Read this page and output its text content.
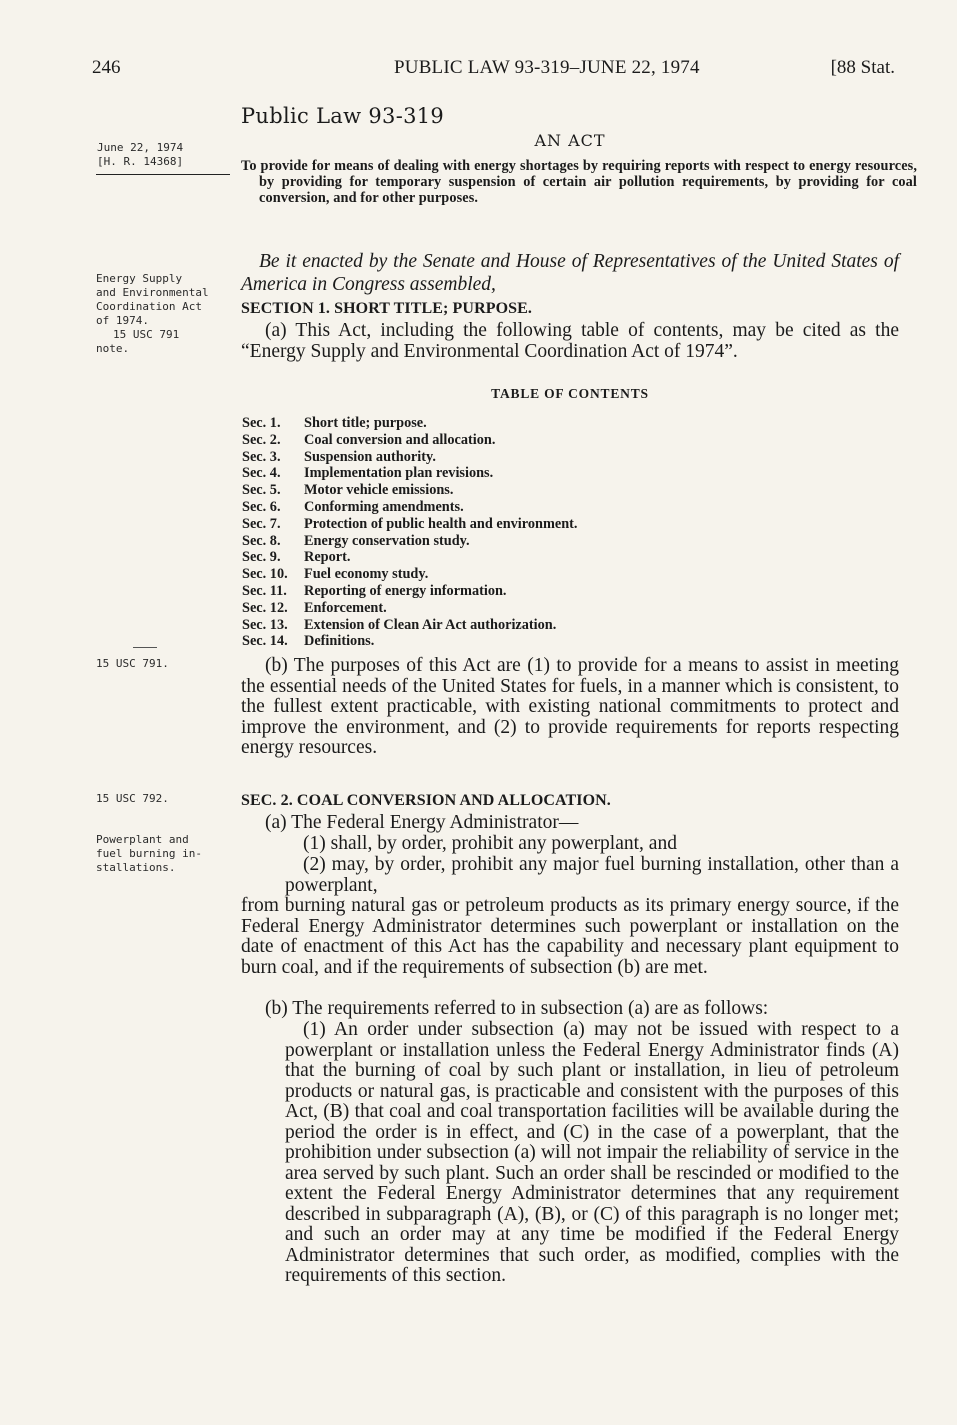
246	PUBLIC LAW 93-319–JUNE 22, 1974	[88 Stat.
June 22, 1974
[H. R. 14368]
Energy Supply
and Environmental
Coordination Act
of 1974.
15 USC 791
note.
15 USC 791.
15 USC 792.
Powerplant and
fuel burning in-
stallations.
Public Law 93-319
AN ACT
To provide for means of dealing with energy shortages by requiring reports with respect to energy resources, by providing for temporary suspension of certain air pollution requirements, by providing for coal conversion, and for other purposes.
Be it enacted by the Senate and House of Representatives of the United States of America in Congress assembled,
SECTION 1. SHORT TITLE; PURPOSE.
(a) This Act, including the following table of contents, may be cited as the “Energy Supply and Environmental Coordination Act of 1974”.
TABLE OF CONTENTS
Sec. 1. Short title; purpose.
Sec. 2. Coal conversion and allocation.
Sec. 3. Suspension authority.
Sec. 4. Implementation plan revisions.
Sec. 5. Motor vehicle emissions.
Sec. 6. Conforming amendments.
Sec. 7. Protection of public health and environment.
Sec. 8. Energy conservation study.
Sec. 9. Report.
Sec. 10. Fuel economy study.
Sec. 11. Reporting of energy information.
Sec. 12. Enforcement.
Sec. 13. Extension of Clean Air Act authorization.
Sec. 14. Definitions.
(b) The purposes of this Act are (1) to provide for a means to assist in meeting the essential needs of the United States for fuels, in a manner which is consistent, to the fullest extent practicable, with existing national commitments to protect and improve the environment, and (2) to provide requirements for reports respecting energy resources.
SEC. 2. COAL CONVERSION AND ALLOCATION.
(a) The Federal Energy Administrator—
(1) shall, by order, prohibit any powerplant, and
(2) may, by order, prohibit any major fuel burning installation, other than a powerplant,
from burning natural gas or petroleum products as its primary energy source, if the Federal Energy Administrator determines such powerplant or installation on the date of enactment of this Act has the capability and necessary plant equipment to burn coal, and if the requirements of subsection (b) are met.
(b) The requirements referred to in subsection (a) are as follows:
(1) An order under subsection (a) may not be issued with respect to a powerplant or installation unless the Federal Energy Administrator finds (A) that the burning of coal by such plant or installation, in lieu of petroleum products or natural gas, is practicable and consistent with the purposes of this Act, (B) that coal and coal transportation facilities will be available during the period the order is in effect, and (C) in the case of a powerplant, that the prohibition under subsection (a) will not impair the reliability of service in the area served by such plant. Such an order shall be rescinded or modified to the extent the Federal Energy Administrator determines that any requirement described in subparagraph (A), (B), or (C) of this paragraph is no longer met; and such an order may at any time be modified if the Federal Energy Administrator determines that such order, as modified, complies with the requirements of this section.
